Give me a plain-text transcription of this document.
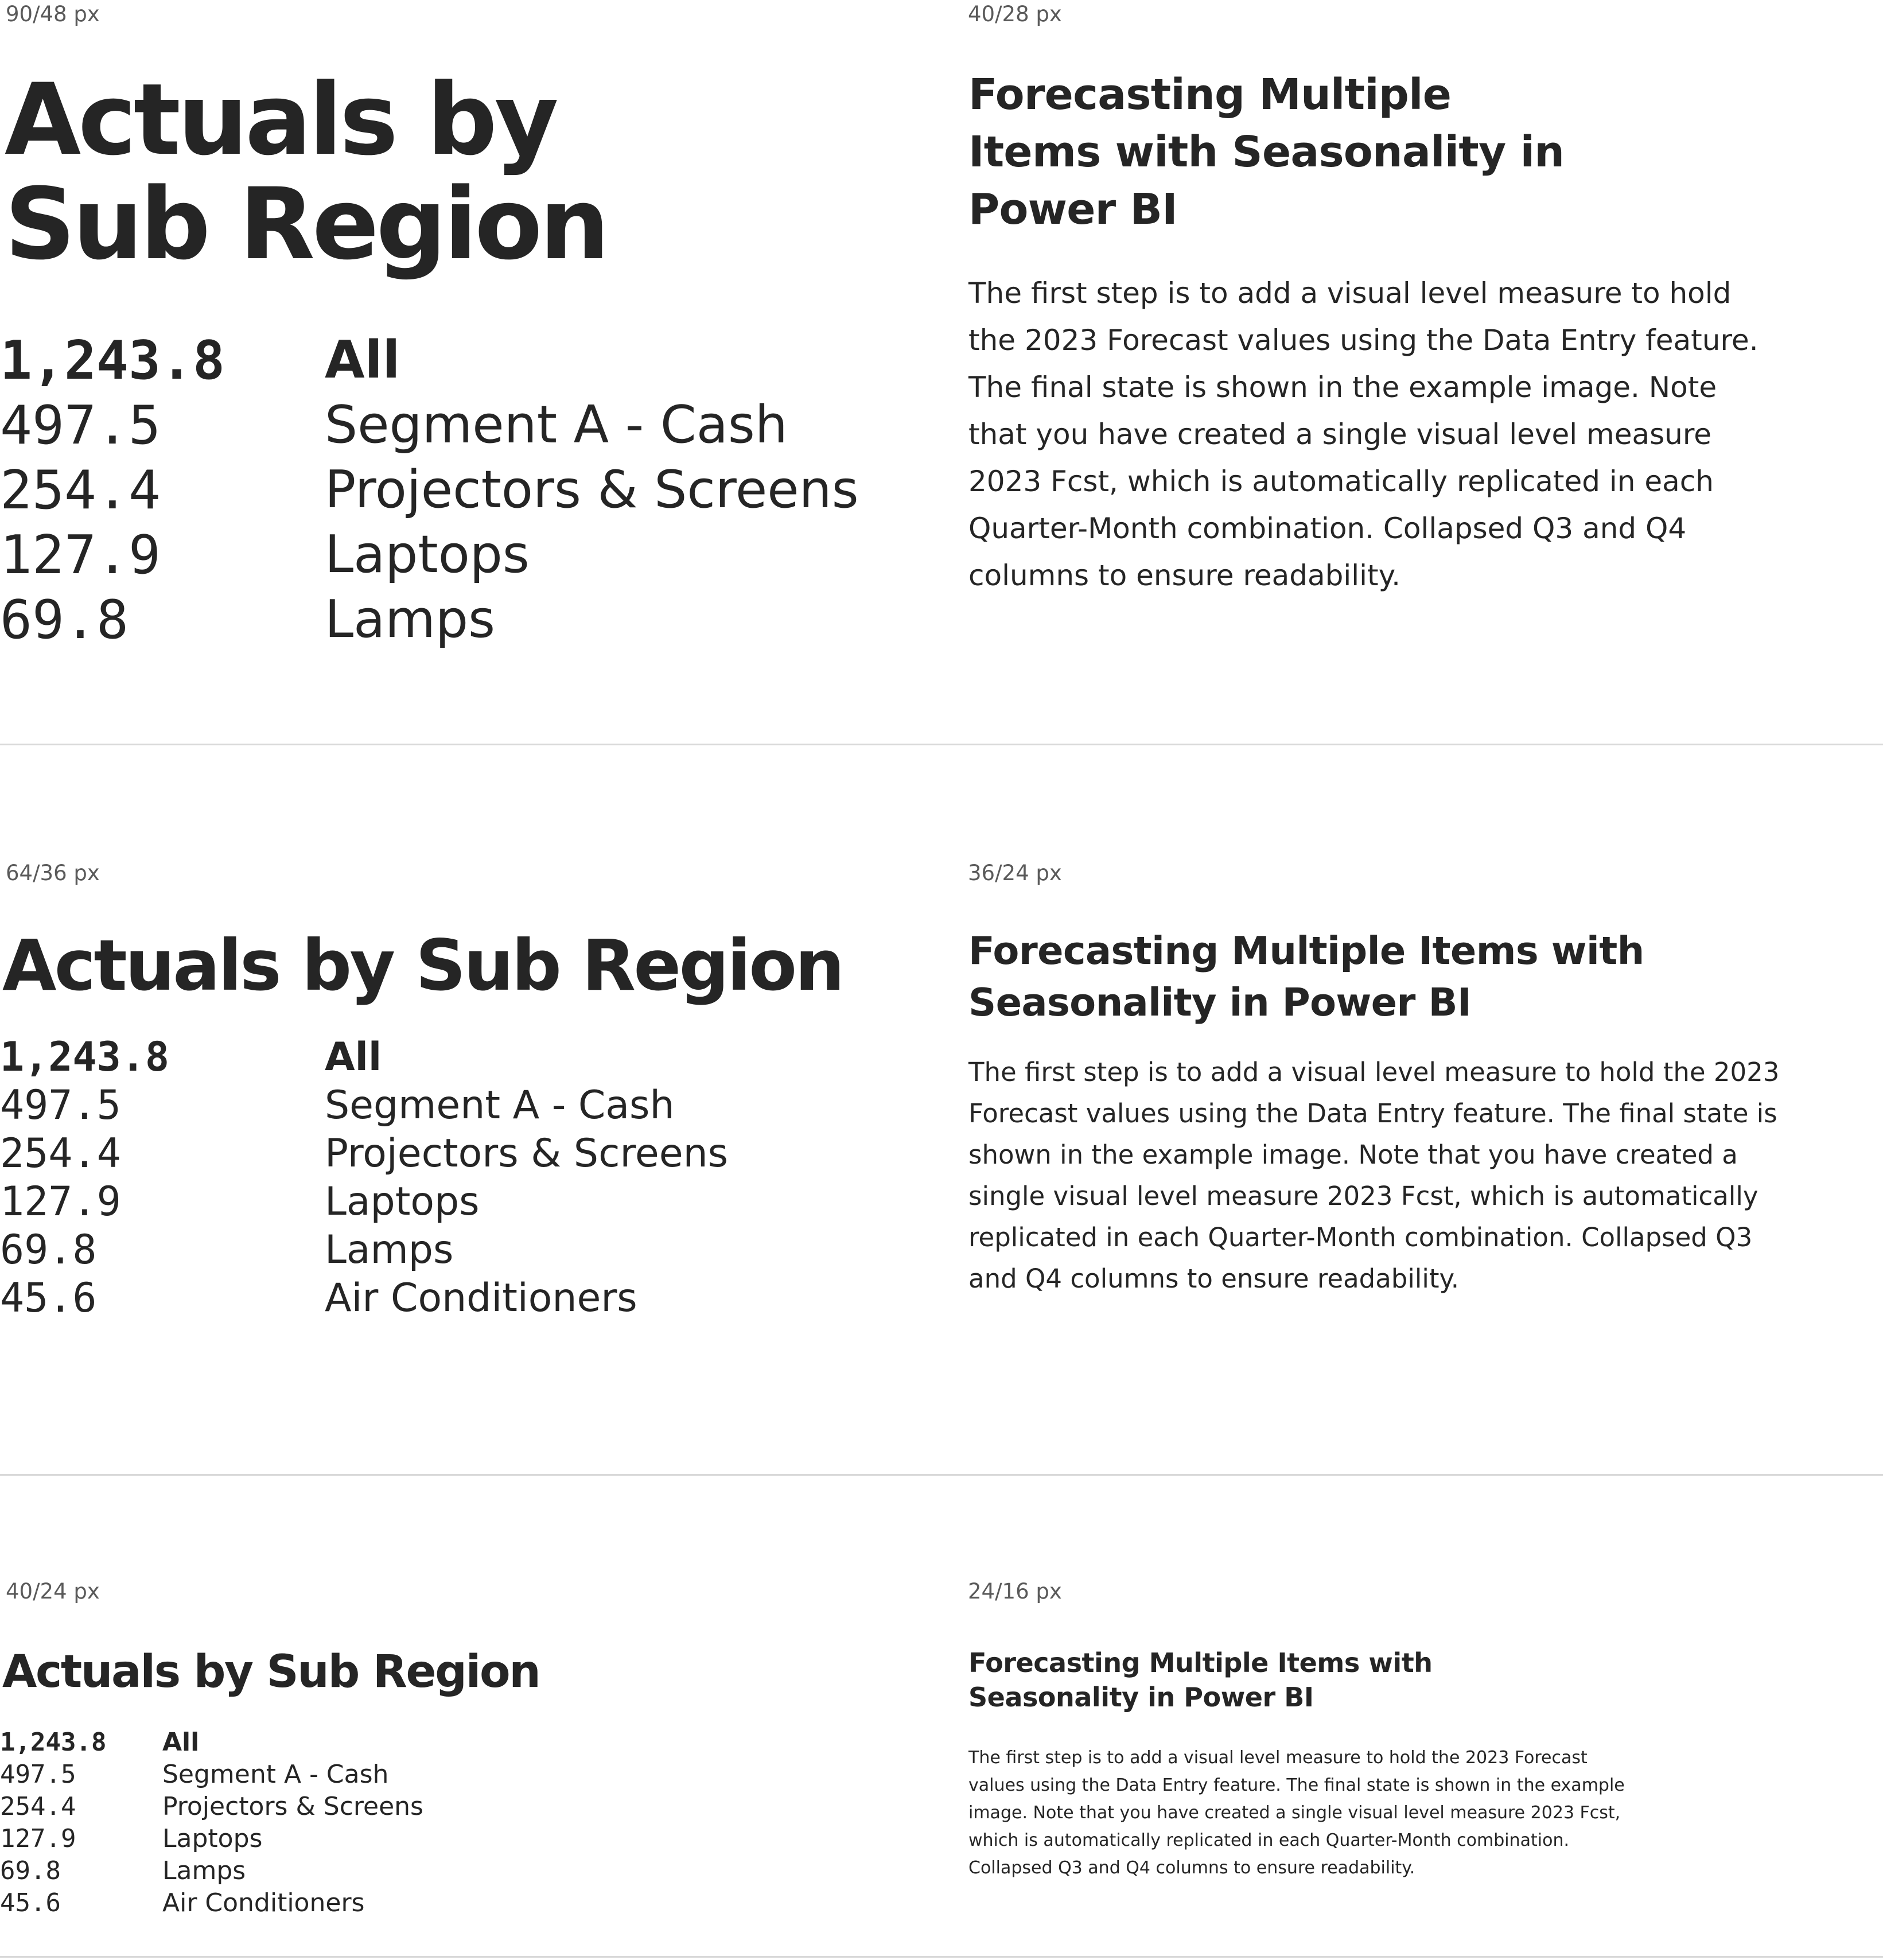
90/48 px
Actuals by
Sub Region
1,243.8	All
497.5	Segment A - Cash
254.4	Projectors & Screens
127.9	Laptops
69.8	Lamps
40/28 px
Forecasting Multiple
Items with Seasonality in
Power BI
The first step is to add a visual level measure to hold
the 2023 Forecast values using the Data Entry feature.
The final state is shown in the example image. Note
that you have created a single visual level measure
2023 Fcst, which is automatically replicated in each
Quarter-Month combination. Collapsed Q3 and Q4
columns to ensure readability.
64/36 px
Actuals by Sub Region
1,243.8	All
497.5	Segment A - Cash
254.4	Projectors & Screens
127.9	Laptops
69.8	Lamps
45.6	Air Conditioners
36/24 px
Forecasting Multiple Items with
Seasonality in Power BI
The first step is to add a visual level measure to hold the 2023
Forecast values using the Data Entry feature. The final state is
shown in the example image. Note that you have created a
single visual level measure 2023 Fcst, which is automatically
replicated in each Quarter-Month combination. Collapsed Q3
and Q4 columns to ensure readability.
40/24 px
Actuals by Sub Region
1,243.8	All
497.5	Segment A - Cash
254.4	Projectors & Screens
127.9	Laptops
69.8	Lamps
45.6	Air Conditioners
24/16 px
Forecasting Multiple Items with
Seasonality in Power BI
The first step is to add a visual level measure to hold the 2023 Forecast
values using the Data Entry feature. The final state is shown in the example
image. Note that you have created a single visual level measure 2023 Fcst,
which is automatically replicated in each Quarter-Month combination.
Collapsed Q3 and Q4 columns to ensure readability.
